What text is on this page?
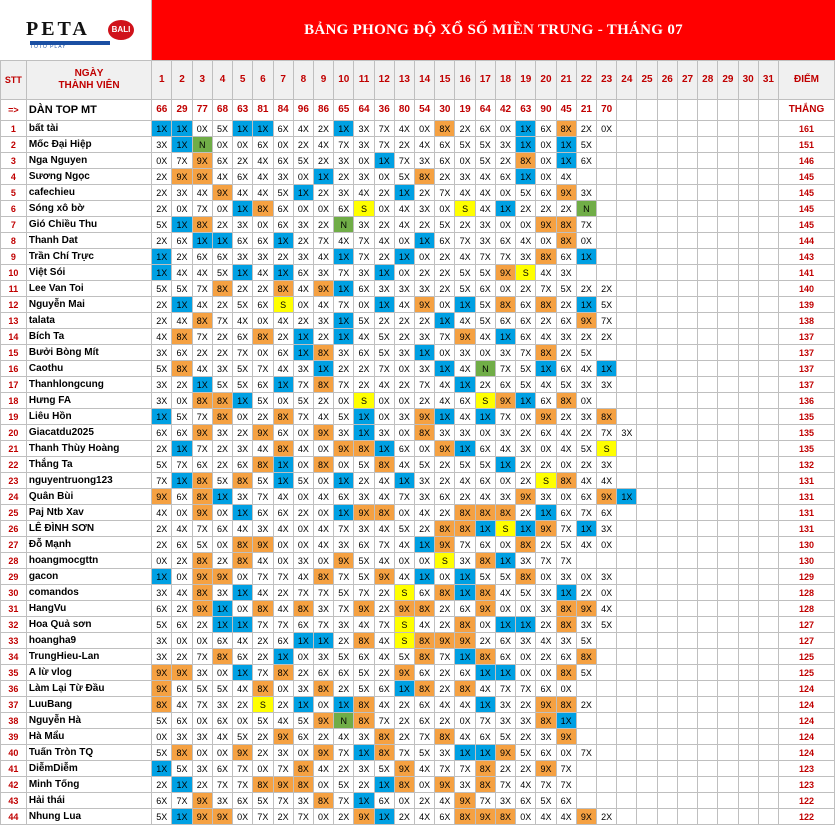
PETA	BALI
TOTO PLAY
BẢNG PHONG ĐỘ XỔ SỐ MIỀN TRUNG - THÁNG 07
STT	NGÀY
THÀNH VIÊN	1	2	3	4	5	6	7	8	9	10	11	12	13	14	15	16	17	18	19	20	21	22	23	24	25	26	27	28	29	30	31	ĐIỂM
=>	DÀN TOP MT	66	29	77	68	63	81	84	96	86	65	64	36	80	54	30	19	64	42	63	90	45	21	70									THẮNG
1	bất tài	1X	1X	0X	5X	1X	1X	6X	4X	2X	1X	3X	7X	4X	0X	8X	2X	6X	0X	1X	6X	8X	2X	0X									161
2	Mốc Đại Hiệp	3X	1X	N	0X	0X	6X	0X	2X	4X	7X	3X	7X	2X	4X	6X	5X	5X	3X	1X	0X	1X	5X										151
3	Nga Nguyen	0X	7X	9X	6X	2X	4X	6X	5X	2X	3X	0X	1X	7X	3X	6X	0X	5X	2X	8X	0X	1X	6X										146
4	Sương Ngọc	2X	9X	9X	4X	6X	4X	3X	0X	1X	2X	3X	0X	5X	8X	2X	3X	4X	6X	1X	0X	4X											145
5	cafechieu	2X	3X	4X	9X	4X	4X	5X	1X	2X	3X	4X	2X	1X	2X	7X	4X	4X	0X	5X	6X	9X	3X										145
6	Sóng xô bờ	2X	0X	7X	0X	1X	8X	6X	0X	0X	6X	S	0X	4X	3X	0X	S	4X	1X	2X	2X	2X	N										145
7	Gió Chiều Thu	5X	1X	8X	2X	3X	0X	6X	3X	2X	N	3X	2X	4X	2X	5X	2X	3X	0X	0X	9X	8X	7X										145
8	Thanh Dat	2X	6X	1X	1X	6X	6X	1X	2X	7X	4X	7X	4X	0X	1X	6X	7X	3X	6X	4X	0X	8X	0X										144
9	Trần Chí Trực	1X	2X	6X	6X	3X	3X	2X	3X	4X	1X	7X	2X	1X	0X	2X	4X	7X	7X	3X	8X	6X	1X										143
10	Việt Sói	1X	4X	4X	5X	1X	4X	1X	6X	3X	7X	3X	1X	0X	2X	2X	5X	5X	9X	S	4X	3X											141
11	Lee Van Toi	5X	5X	7X	8X	2X	2X	8X	4X	9X	1X	6X	3X	3X	3X	2X	5X	6X	0X	2X	7X	5X	2X	2X									140
12	Nguyễn Mai	2X	1X	4X	2X	5X	6X	S	0X	4X	7X	0X	1X	4X	9X	0X	1X	5X	8X	6X	8X	2X	1X	5X									139
13	talata	2X	4X	8X	7X	4X	0X	4X	2X	3X	1X	5X	2X	2X	2X	1X	4X	5X	6X	6X	2X	6X	9X	7X									138
14	Bích Ta	4X	8X	7X	2X	6X	8X	2X	1X	2X	1X	4X	5X	2X	3X	7X	9X	4X	1X	6X	4X	3X	2X	2X									137
15	Bưởi Bòng Mít	3X	6X	2X	2X	7X	0X	6X	1X	8X	3X	6X	5X	3X	1X	0X	3X	0X	3X	7X	8X	2X	5X										137
16	Caothu	5X	8X	4X	3X	5X	7X	4X	3X	1X	2X	2X	7X	0X	3X	1X	4X	N	7X	5X	1X	6X	4X	1X									137
17	Thanhlongcung	3X	2X	1X	5X	5X	6X	1X	7X	8X	7X	2X	4X	2X	7X	4X	1X	2X	6X	5X	4X	5X	3X	3X									137
18	Hưng FA	3X	0X	8X	8X	1X	5X	0X	5X	2X	0X	S	0X	0X	2X	4X	6X	S	9X	1X	6X	8X	0X										136
19	Liêu Hồn	1X	5X	7X	8X	0X	2X	8X	7X	4X	5X	1X	0X	3X	9X	1X	4X	1X	7X	0X	9X	2X	3X	8X									135
20	Giacatdu2025	6X	6X	9X	3X	2X	9X	6X	0X	9X	3X	1X	3X	0X	8X	3X	3X	0X	3X	2X	6X	4X	2X	7X	3X								135
21	Thanh Thùy Hoàng	2X	1X	7X	2X	3X	4X	8X	4X	0X	9X	8X	1X	6X	0X	9X	1X	6X	4X	3X	0X	4X	5X	S									135
22	Thắng Ta	5X	7X	6X	2X	6X	8X	1X	0X	8X	0X	5X	8X	4X	5X	2X	5X	5X	1X	2X	2X	0X	2X	3X									132
23	nguyentruong123	7X	1X	8X	5X	8X	5X	1X	5X	0X	1X	2X	4X	1X	3X	2X	4X	6X	0X	2X	S	8X	4X	4X									131
24	Quân Bùi	9X	6X	8X	1X	3X	7X	4X	0X	4X	6X	3X	4X	7X	3X	6X	2X	4X	3X	9X	3X	0X	6X	9X	1X								131
25	Paj Ntb Xav	4X	0X	9X	0X	1X	6X	6X	2X	0X	1X	9X	8X	0X	4X	2X	8X	8X	8X	2X	1X	6X	7X	6X									131
26	LÊ ĐÌNH SƠN	2X	4X	7X	6X	4X	3X	4X	0X	4X	7X	3X	4X	5X	2X	8X	8X	1X	S	1X	9X	7X	1X	3X									131
27	Đỗ Mạnh	2X	6X	5X	0X	8X	9X	0X	0X	4X	3X	6X	7X	4X	1X	9X	7X	6X	0X	8X	2X	5X	4X	0X									130
28	hoangmocgttn	0X	2X	8X	2X	8X	4X	0X	3X	0X	9X	5X	4X	0X	0X	S	3X	8X	1X	3X	7X	7X											130
29	gacon	1X	0X	9X	9X	0X	7X	7X	4X	8X	7X	5X	9X	4X	1X	0X	1X	5X	5X	8X	0X	3X	0X	3X									129
30	comandos	3X	4X	8X	3X	1X	4X	2X	7X	7X	5X	7X	2X	S	6X	8X	1X	8X	4X	5X	3X	1X	2X	0X									128
31	HangVu	6X	2X	9X	1X	0X	8X	4X	8X	3X	7X	9X	2X	9X	8X	2X	6X	9X	0X	0X	3X	8X	9X	4X									128
32	Hoa Quả sơn	5X	6X	2X	1X	1X	7X	7X	6X	7X	3X	4X	7X	S	4X	2X	8X	0X	1X	1X	2X	8X	3X	5X									127
33	hoangha9	3X	0X	0X	6X	4X	2X	6X	1X	1X	2X	8X	4X	S	8X	9X	9X	2X	6X	3X	4X	3X	5X										127
34	TrungHieu-Lan	3X	2X	7X	8X	6X	2X	1X	0X	3X	5X	6X	4X	5X	8X	7X	1X	8X	6X	0X	2X	6X	8X										125
35	A lừ vlog	9X	9X	3X	0X	1X	7X	8X	2X	6X	6X	5X	2X	9X	6X	2X	6X	1X	1X	0X	0X	8X	5X										125
36	Làm Lại Từ Đầu	9X	6X	5X	5X	4X	8X	0X	3X	8X	2X	5X	6X	1X	8X	2X	8X	4X	7X	7X	6X	0X											124
37	LuuBang	8X	4X	7X	3X	2X	S	2X	1X	0X	1X	8X	4X	2X	6X	4X	4X	1X	3X	2X	9X	8X	2X										124
38	Nguyễn Hà	5X	6X	0X	6X	0X	5X	4X	5X	9X	N	8X	7X	2X	6X	2X	0X	7X	3X	3X	8X	1X											124
39	Hà Mẩu	0X	3X	3X	4X	5X	2X	9X	6X	2X	4X	3X	8X	2X	7X	8X	4X	6X	5X	2X	3X	9X											124
40	Tuấn Tròn TQ	5X	8X	0X	0X	9X	2X	3X	0X	9X	7X	1X	8X	7X	5X	3X	1X	1X	9X	5X	6X	0X	7X										124
41	DiễmDiễm	1X	5X	3X	6X	7X	0X	7X	8X	4X	2X	3X	5X	9X	4X	7X	7X	8X	2X	2X	9X	7X											123
42	Minh Tống	2X	1X	2X	7X	7X	8X	9X	8X	0X	5X	2X	1X	8X	0X	9X	3X	8X	7X	4X	7X	7X											123
43	Hải thái	6X	7X	9X	3X	6X	5X	7X	3X	8X	7X	1X	6X	0X	2X	4X	9X	7X	3X	6X	5X	6X											122
44	Nhung Lua	5X	1X	9X	9X	0X	7X	2X	7X	0X	2X	9X	1X	2X	4X	6X	8X	9X	8X	0X	4X	4X	9X	2X									122
